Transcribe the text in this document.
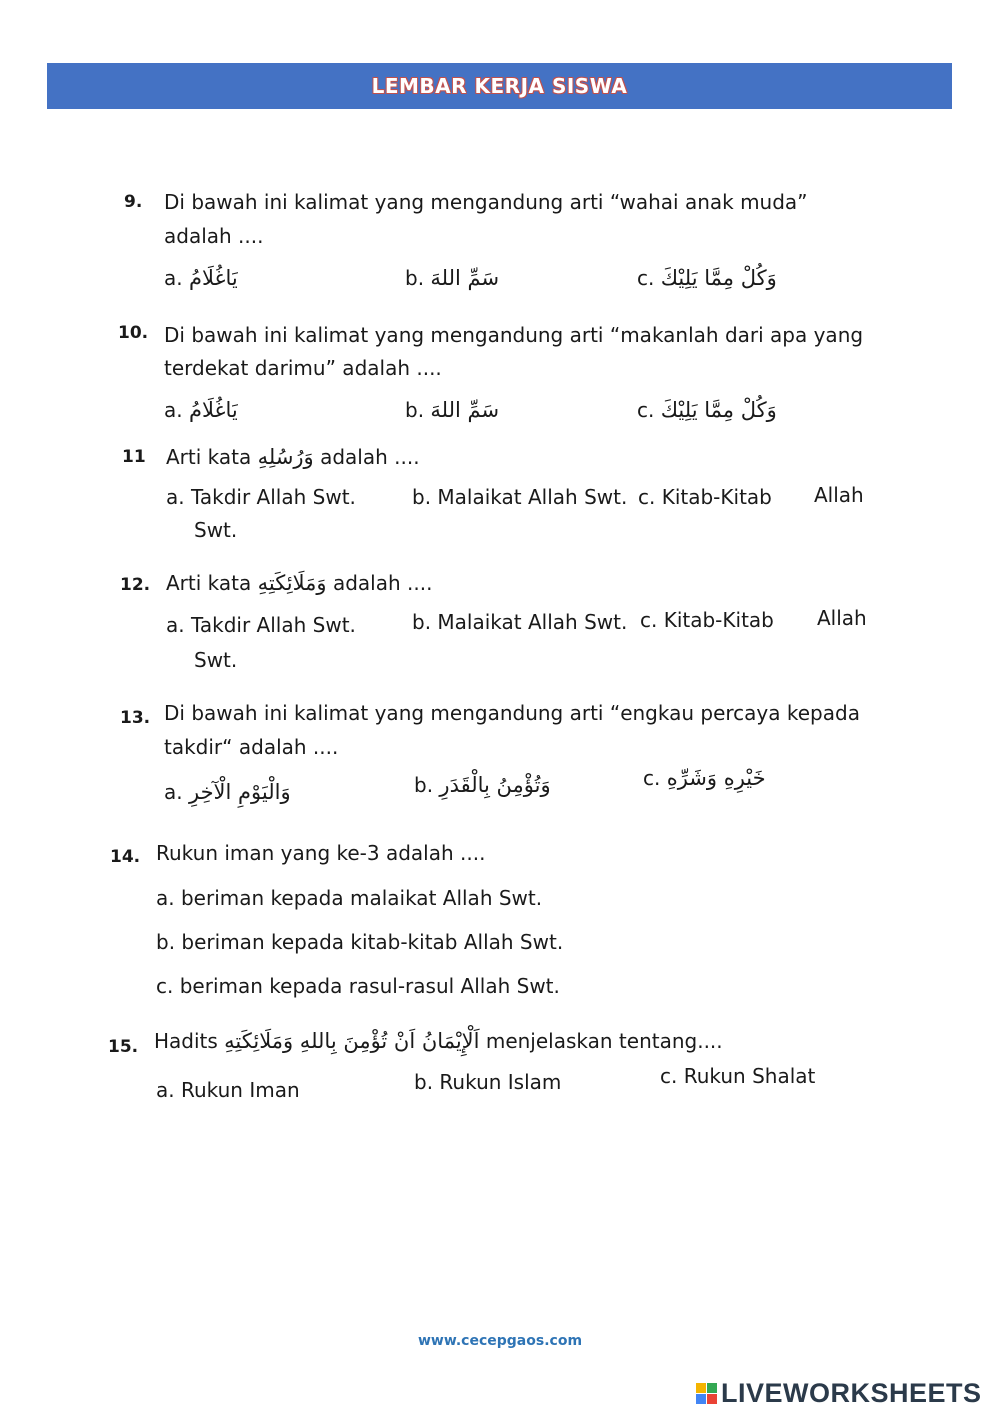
LEMBAR KERJA SISWA
9. Di bawah ini kalimat yang mengandung arti “wahai anak muda”
adalah ....
a. يَاغُلَامُ	b. سَمِّ اللهَ	c. وَكُلْ مِمَّا يَلِيْكَ
10. Di bawah ini kalimat yang mengandung arti “makanlah dari apa yang
terdekat darimu” adalah ....
a. يَاغُلَامُ	b. سَمِّ اللهَ	c. وَكُلْ مِمَّا يَلِيْكَ
11 Arti kata وَرُسُلِهِ adalah ....
a. Takdir Allah Swt.	b. Malaikat Allah Swt. c. Kitab-Kitab Allah
Swt.
12. Arti kata وَمَلَائِكَتِهِ adalah ....
a. Takdir Allah Swt.	b. Malaikat Allah Swt. c. Kitab-Kitab Allah
Swt.
13. Di bawah ini kalimat yang mengandung arti “engkau percaya kepada
takdir“ adalah ....
a. وَالْيَوْمِ الْآخِرِ	b. وَتُؤْمِنُ بِالْقَدَرِ	c. خَيْرِهِ وَشَرِّهِ
14. Rukun iman yang ke-3 adalah ....
a. beriman kepada malaikat Allah Swt.
b. beriman kepada kitab-kitab Allah Swt.
c. beriman kepada rasul-rasul Allah Swt.
15. Hadits اَلْإِيْمَانُ اَنْ تُؤْمِنَ بِاللهِ وَمَلَائِكَتِهِ menjelaskan tentang....
a. Rukun Iman	b. Rukun Islam	c. Rukun Shalat
www.cecepgaos.com
LIVEWORKSHEETS
